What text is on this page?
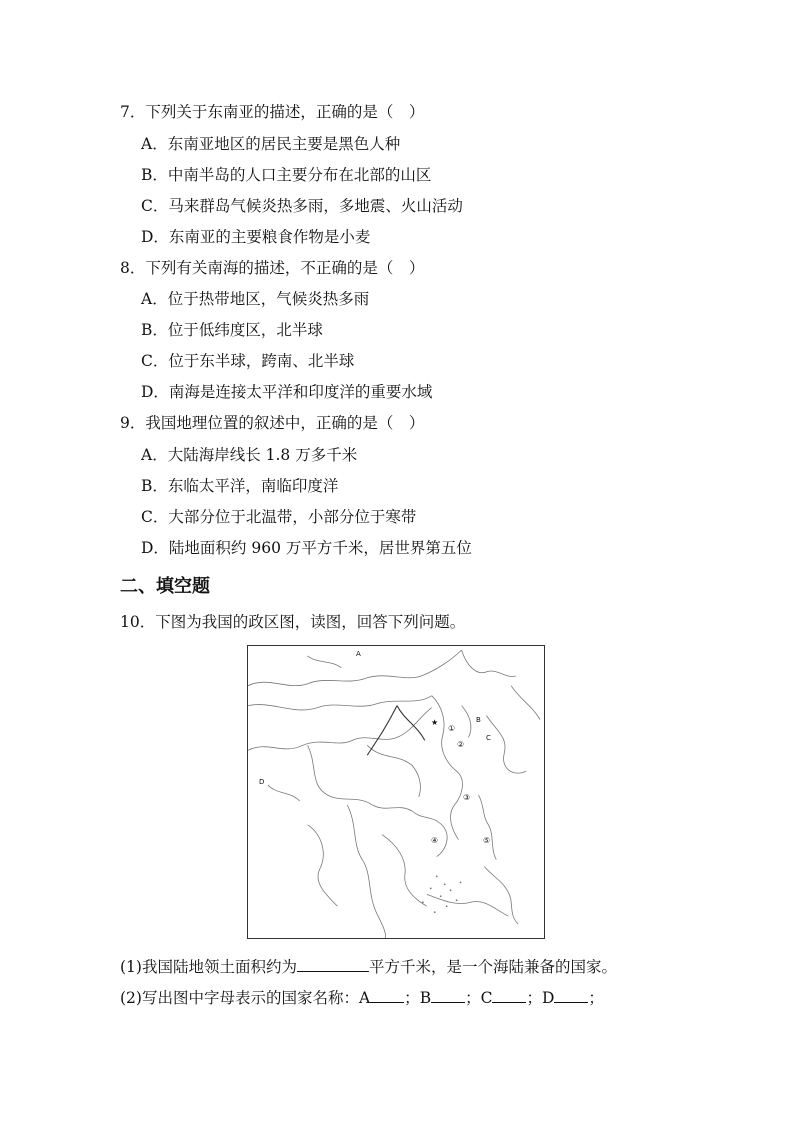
7．下列关于东南亚的描述，正确的是（　）
A．东南亚地区的居民主要是黑色人种
B．中南半岛的人口主要分布在北部的山区
C．马来群岛气候炎热多雨，多地震、火山活动
D．东南亚的主要粮食作物是小麦
8．下列有关南海的描述，不正确的是（　）
A．位于热带地区，气候炎热多雨
B．位于低纬度区，北半球
C．位于东半球，跨南、北半球
D．南海是连接太平洋和印度洋的重要水域
9．我国地理位置的叙述中，正确的是（　）
A．大陆海岸线长 1.8 万多千米
B．东临太平洋，南临印度洋
C．大部分位于北温带，小部分位于寒带
D．陆地面积约 960 万平方千米，居世界第五位
二、填空题
10．下图为我国的政区图，读图，回答下列问题。
A
B
C
D
★
①
②
③
④	⑤
(1)我国陆地领土面积约为	平方千米，是一个海陆兼备的国家。
(2)写出图中字母表示的国家名称：A ；B ；C ；D ；
